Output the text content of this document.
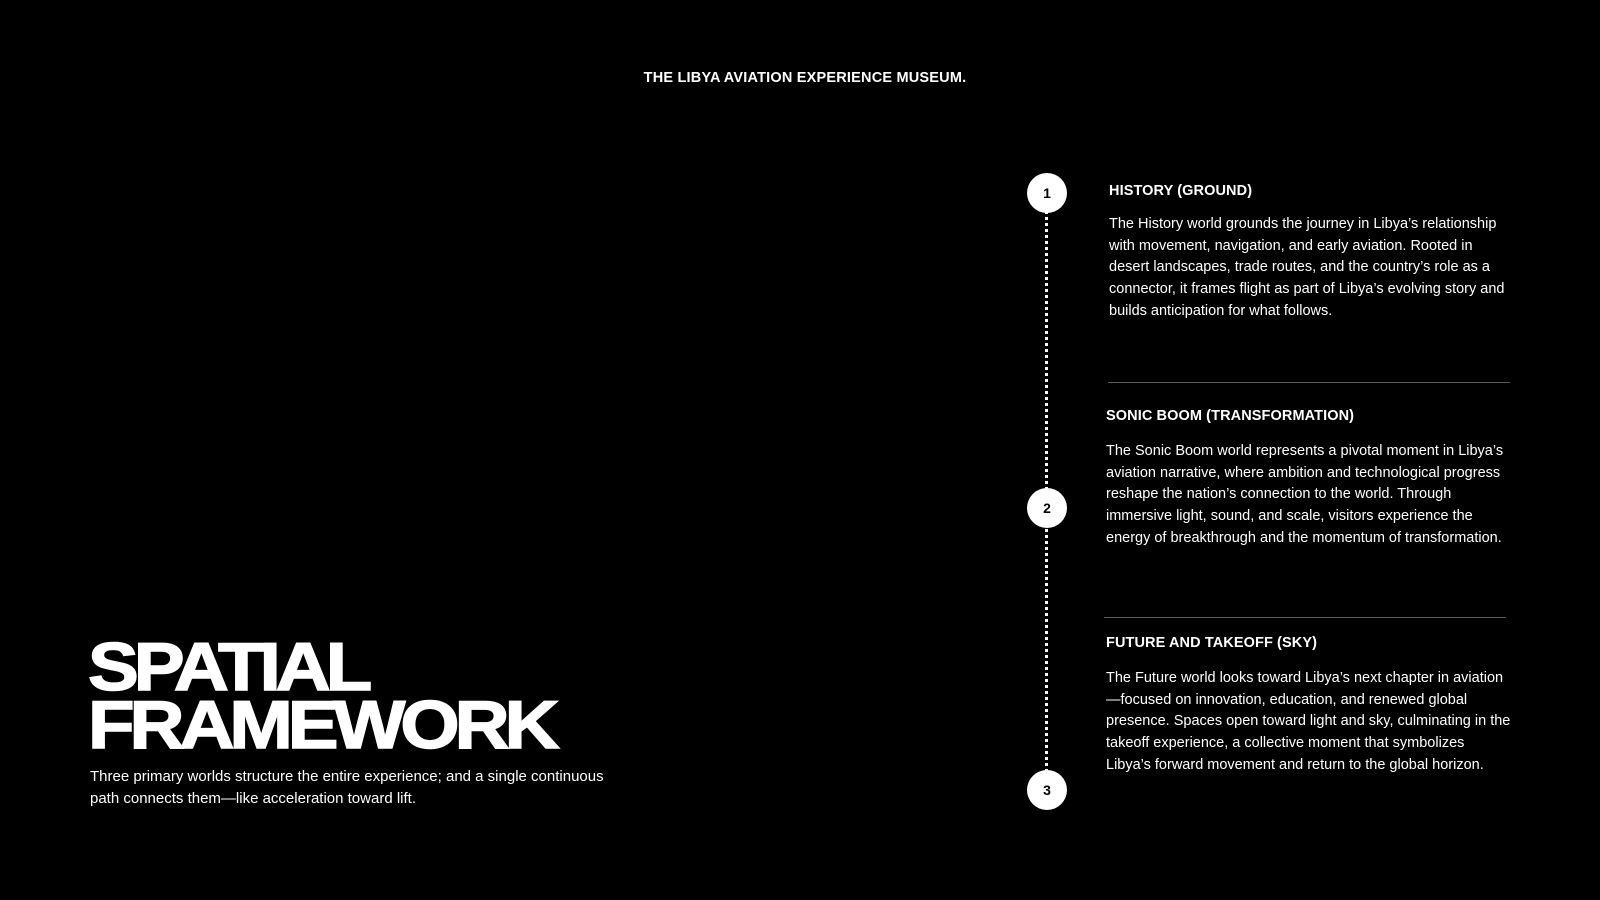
THE LIBYA AVIATION EXPERIENCE MUSEUM.
SPATIAL
FRAMEWORK

Three primary worlds structure the entire experience; and a single continuous path connects them—like acceleration toward lift.

1
2
3
HISTORY (GROUND)

The History world grounds the journey in Libya’s relationship with movement, navigation, and early aviation. Rooted in desert landscapes, trade routes, and the country’s role as a connector, it frames flight as part of Libya’s evolving story and builds anticipation for what follows.

SONIC BOOM (TRANSFORMATION)

The Sonic Boom world represents a pivotal moment in Libya’s aviation narrative, where ambition and technological progress reshape the nation’s connection to the world. Through immersive light, sound, and scale, visitors experience the energy of breakthrough and the momentum of transformation.

FUTURE AND TAKEOFF (SKY)

The Future world looks toward Libya’s next chapter in aviation—focused on innovation, education, and renewed global presence. Spaces open toward light and sky, culminating in the takeoff experience, a collective moment that symbolizes Libya’s forward movement and return to the global horizon.
